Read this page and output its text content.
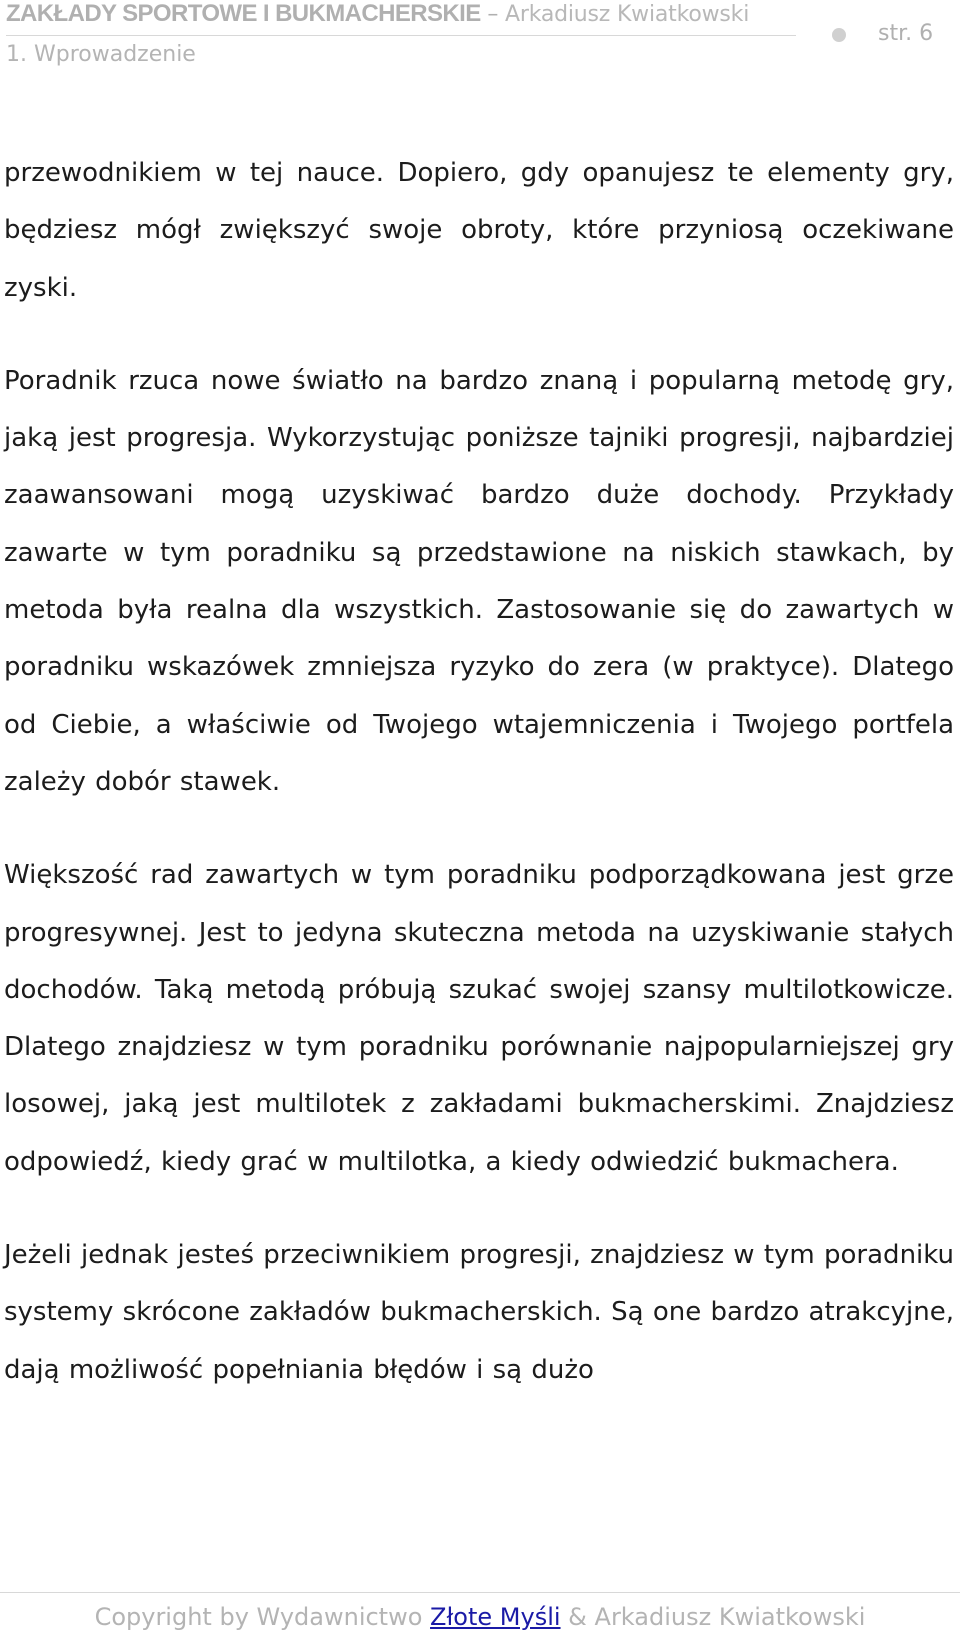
ZAKŁADY SPORTOWE I BUKMACHERSKIE – Arkadiusz Kwiatkowski
str. 6
1. Wprowadzenie

przewodnikiem w tej nauce. Dopiero, gdy opanujesz te elementy gry, będziesz mógł zwiększyć swoje obroty, które przyniosą oczekiwane zyski.

Poradnik rzuca nowe światło na bardzo znaną i popularną metodę gry, jaką jest progresja. Wykorzystując poniższe tajniki progresji, najbardziej zaawansowani mogą uzyskiwać bardzo duże dochody. Przykłady zawarte w tym poradniku są przedstawione na niskich stawkach, by metoda była realna dla wszystkich. Zastosowanie się do zawartych w poradniku wskazówek zmniejsza ryzyko do zera (w praktyce). Dlatego od Ciebie, a właściwie od Twojego wtajemniczenia i Twojego portfela zależy dobór stawek.

Większość rad zawartych w tym poradniku podporządkowana jest grze progresywnej. Jest to jedyna skuteczna metoda na uzyskiwanie stałych dochodów. Taką metodą próbują szukać swojej szansy multilotkowicze. Dlatego znajdziesz w tym poradniku porównanie najpopularniejszej gry losowej, jaką jest multilotek z zakładami bukmacherskimi. Znajdziesz odpowiedź, kiedy grać w multilotka, a kiedy odwiedzić bukmachera.

Jeżeli jednak jesteś przeciwnikiem progresji, znajdziesz w tym poradniku systemy skrócone zakładów bukmacherskich. Są one bardzo atrakcyjne, dają możliwość popełniania błędów i są dużo

Copyright by Wydawnictwo Złote Myśli & Arkadiusz Kwiatkowski
